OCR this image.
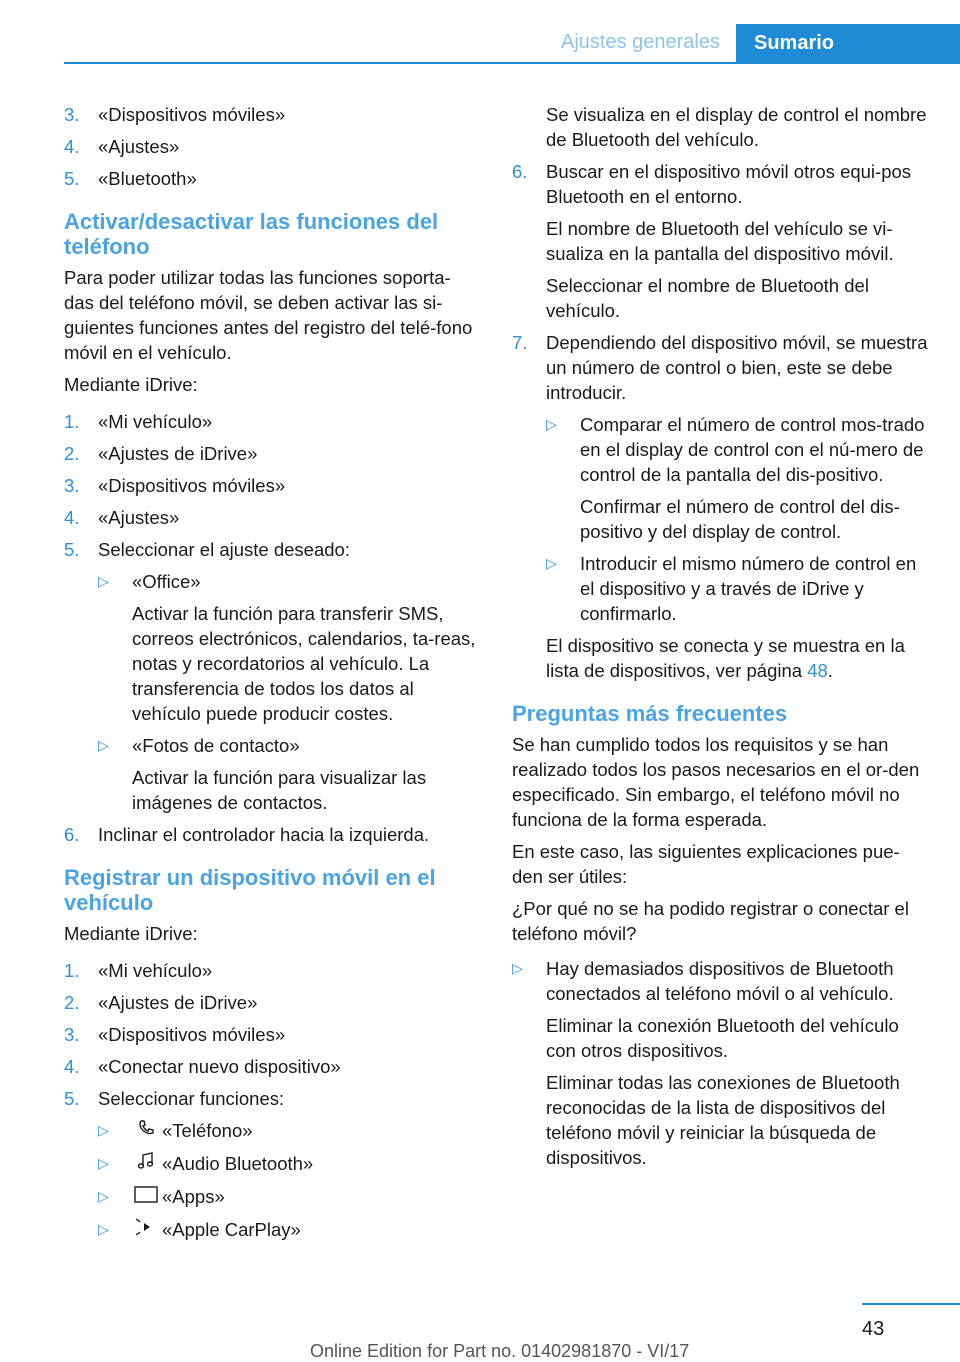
Ajustes generales	Sumario
3.	«Dispositivos móviles»
4.	«Ajustes»
5.	«Bluetooth»
Activar/desactivar las funciones del teléfono

Para poder utilizar todas las funciones soporta-das del teléfono móvil, se deben activar las si-guientes funciones antes del registro del telé-fono móvil en el vehículo.

Mediante iDrive:

1.	«Mi vehículo»
2.	«Ajustes de iDrive»
3.	«Dispositivos móviles»
4.	«Ajustes»
5.	Seleccionar el ajuste deseado:
▷	«Office»

Activar la función para transferir SMS, correos electrónicos, calendarios, ta-reas, notas y recordatorios al vehículo. La transferencia de todos los datos al vehículo puede producir costes.

▷	«Fotos de contacto»

Activar la función para visualizar las imágenes de contactos.

6.	Inclinar el controlador hacia la izquierda.
Registrar un dispositivo móvil en el vehículo

Mediante iDrive:

1.	«Mi vehículo»
2.	«Ajustes de iDrive»
3.	«Dispositivos móviles»
4.	«Conectar nuevo dispositivo»
5.	Seleccionar funciones:
▷	«Teléfono»
▷	«Audio Bluetooth»
▷	«Apps»
▷	«Apple CarPlay»

Se visualiza en el display de control el nombre de Bluetooth del vehículo.

6.	Buscar en el dispositivo móvil otros equi-pos Bluetooth en el entorno.

El nombre de Bluetooth del vehículo se vi-sualiza en la pantalla del dispositivo móvil.

Seleccionar el nombre de Bluetooth del vehículo.

7.	Dependiendo del dispositivo móvil, se muestra un número de control o bien, este se debe introducir.
▷	Comparar el número de control mos-trado en el display de control con el nú-mero de control de la pantalla del dis-positivo.

Confirmar el número de control del dis-positivo y del display de control.

▷	Introducir el mismo número de control en el dispositivo y a través de iDrive y confirmarlo.

El dispositivo se conecta y se muestra en la lista de dispositivos, ver página 48.

Preguntas más frecuentes

Se han cumplido todos los requisitos y se han realizado todos los pasos necesarios en el or-den especificado. Sin embargo, el teléfono móvil no funciona de la forma esperada.

En este caso, las siguientes explicaciones pue-den ser útiles:

¿Por qué no se ha podido registrar o conectar el teléfono móvil?

▷	Hay demasiados dispositivos de Bluetooth conectados al teléfono móvil o al vehículo.

Eliminar la conexión Bluetooth del vehículo con otros dispositivos.

Eliminar todas las conexiones de Bluetooth reconocidas de la lista de dispositivos del teléfono móvil y reiniciar la búsqueda de dispositivos.

43
Online Edition for Part no. 01402981870 - VI/17
